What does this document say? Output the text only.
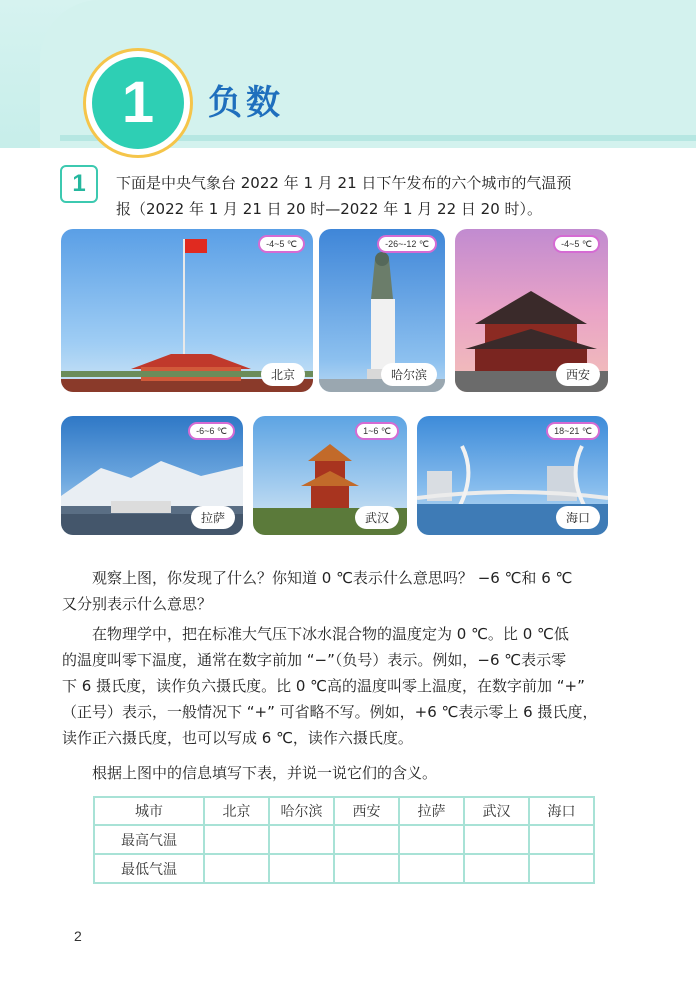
1 负数
1 下面是中央气象台 2022 年 1 月 21 日下午发布的六个城市的气温预
报（2022 年 1 月 21 日 20 时—2022 年 1 月 22 日 20 时）。
-4~5 ℃
北京
-26~-12 ℃
哈尔滨
-4~5 ℃
西安
-6~6 ℃
拉萨
1~6 ℃
武汉
18~21 ℃
海口
观察上图，你发现了什么？你知道 0 ℃表示什么意思吗？ −6 ℃和 6 ℃
又分别表示什么意思？
在物理学中，把在标准大气压下冰水混合物的温度定为 0 ℃。比 0 ℃低
的温度叫零下温度，通常在数字前加 “−”（负号）表示。例如，−6 ℃表示零
下 6 摄氏度，读作负六摄氏度。比 0 ℃高的温度叫零上温度，在数字前加 “+”
（正号）表示，一般情况下 “+” 可省略不写。例如，+6 ℃表示零上 6 摄氏度，
读作正六摄氏度，也可以写成 6 ℃，读作六摄氏度。
根据上图中的信息填写下表，并说一说它们的含义。
城市	北京	哈尔滨	西安	拉萨	武汉	海口
最高气温						
最低气温						
2
